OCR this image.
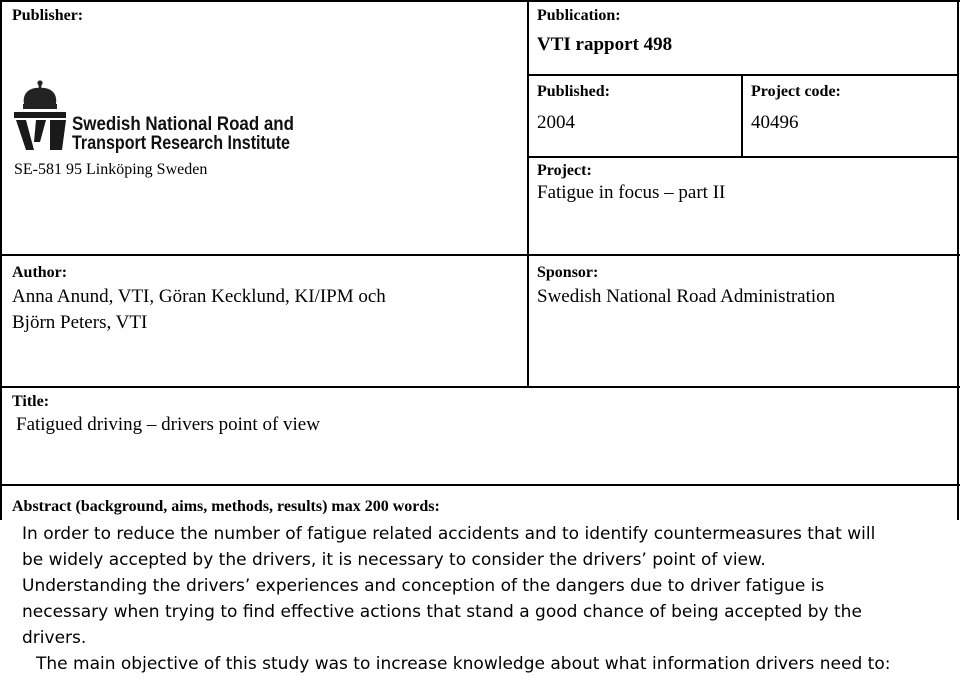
Publisher:
Swedish National Road and
Transport Research Institute
SE-581 95 Linköping Sweden
Publication:
VTI rapport 498
Published:
2004
Project code:
40496
Project:
Fatigue in focus – part II
Author:
Anna Anund, VTI, Göran Kecklund, KI/IPM och
Björn Peters, VTI
Sponsor:
Swedish National Road Administration
Title:
Fatigued driving – drivers point of view
Abstract (background, aims, methods, results) max 200 words:

In order to reduce the number of fatigue related accidents and to identify countermeasures that will

be widely accepted by the drivers, it is necessary to consider the drivers’ point of view.

Understanding the drivers’ experiences and conception of the dangers due to driver fatigue is

necessary when trying to find effective actions that stand a good chance of being accepted by the

drivers.

The main objective of this study was to increase knowledge about what information drivers need to:
